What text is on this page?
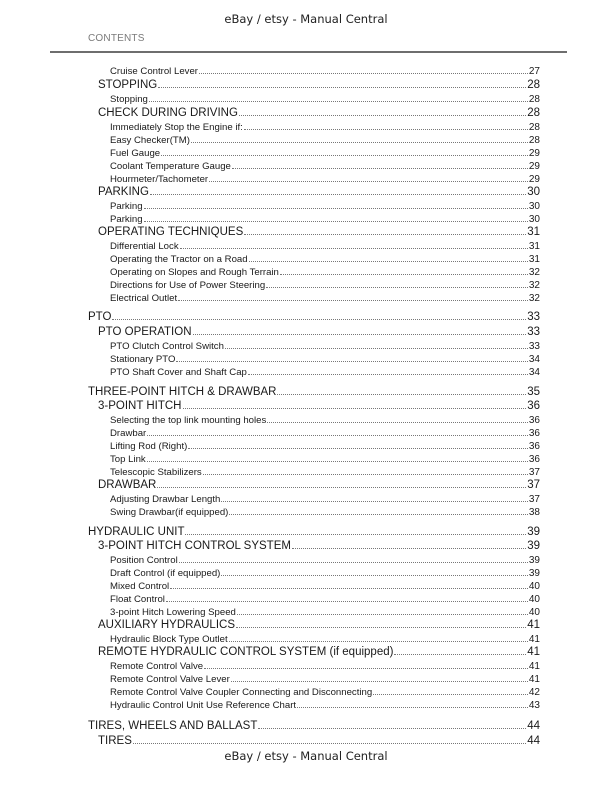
eBay / etsy - Manual Central
CONTENTS
Cruise Control Lever	27
STOPPING	28
Stopping	28
CHECK DURING DRIVING	28
Immediately Stop the Engine if:	28
Easy Checker(TM)	28
Fuel Gauge	29
Coolant Temperature Gauge	29
Hourmeter/Tachometer	29
PARKING	30
Parking	30
Parking	30
OPERATING TECHNIQUES	31
Differential Lock	31
Operating the Tractor on a Road	31
Operating on Slopes and Rough Terrain	32
Directions for Use of Power Steering	32
Electrical Outlet	32
PTO	33
PTO OPERATION	33
PTO Clutch Control Switch	33
Stationary PTO	34
PTO Shaft Cover and Shaft Cap	34
THREE-POINT HITCH & DRAWBAR	35
3-POINT HITCH	36
Selecting the top link mounting holes	36
Drawbar	36
Lifting Rod (Right)	36
Top Link	36
Telescopic Stabilizers	37
DRAWBAR	37
Adjusting Drawbar Length	37
Swing Drawbar(if equipped)	38
HYDRAULIC UNIT	39
3-POINT HITCH CONTROL SYSTEM	39
Position Control	39
Draft Control (if equipped)	39
Mixed Control	40
Float Control	40
3-point Hitch Lowering Speed	40
AUXILIARY HYDRAULICS	41
Hydraulic Block Type Outlet	41
REMOTE HYDRAULIC CONTROL SYSTEM (if equipped)	41
Remote Control Valve	41
Remote Control Valve Lever	41
Remote Control Valve Coupler Connecting and Disconnecting	42
Hydraulic Control Unit Use Reference Chart	43
TIRES, WHEELS AND BALLAST	44
TIRES	44
eBay / etsy - Manual Central
